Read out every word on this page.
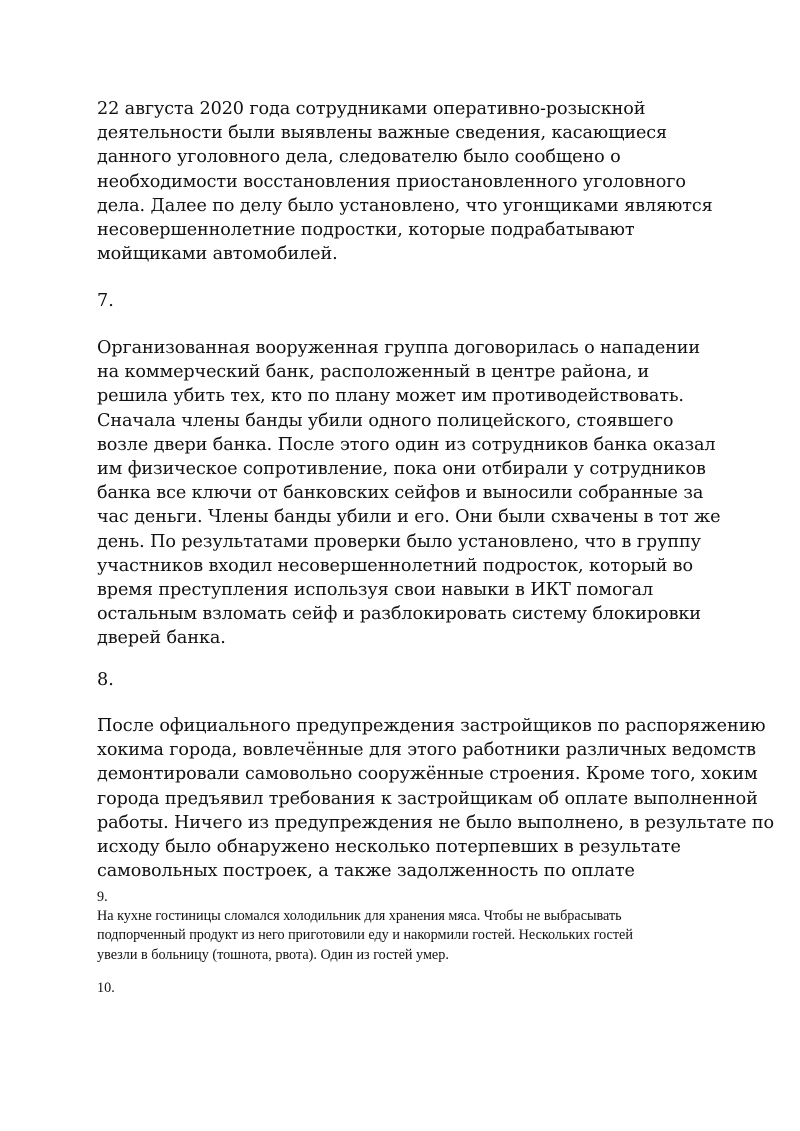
22 августа 2020 года сотрудниками оперативно-розыскной
деятельности были выявлены важные сведения, касающиеся
данного уголовного дела, следователю было сообщено о
необходимости восстановления приостановленного уголовного
дела. Далее по делу было установлено, что угонщиками являются
несовершеннолетние подростки, которые подрабатывают
мойщиками автомобилей.
7.
Организованная вооруженная группа договорилась о нападении
на коммерческий банк, расположенный в центре района, и
решила убить тех, кто по плану может им противодействовать.
Сначала члены банды убили одного полицейского, стоявшего
возле двери банка. После этого один из сотрудников банка оказал
им физическое сопротивление, пока они отбирали у сотрудников
банка все ключи от банковских сейфов и выносили собранные за
час деньги. Члены банды убили и его. Они были схвачены в тот же
день. По результатами проверки было установлено, что в группу
участников входил несовершеннолетний подросток, который во
время преступления используя свои навыки в ИКТ помогал
остальным взломать сейф и разблокировать систему блокировки
дверей банка.
8.
После официального предупреждения застройщиков по распоряжению
хокима города, вовлечённые для этого работники различных ведомств
демонтировали самовольно сооружённые строения. Кроме того, хоким
города предъявил требования к застройщикам об оплате выполненной
работы. Ничего из предупреждения не было выполнено, в результате по
исходу было обнаружено несколько потерпевших в результате
самовольных построек, а также задолженность по оплате
9.
На кухне гостиницы сломался холодильник для хранения мяса. Чтобы не выбрасывать
подпорченный продукт из него приготовили еду и накормили гостей. Нескольких гостей
увезли в больницу (тошнота, рвота). Один из гостей умер.
10.
